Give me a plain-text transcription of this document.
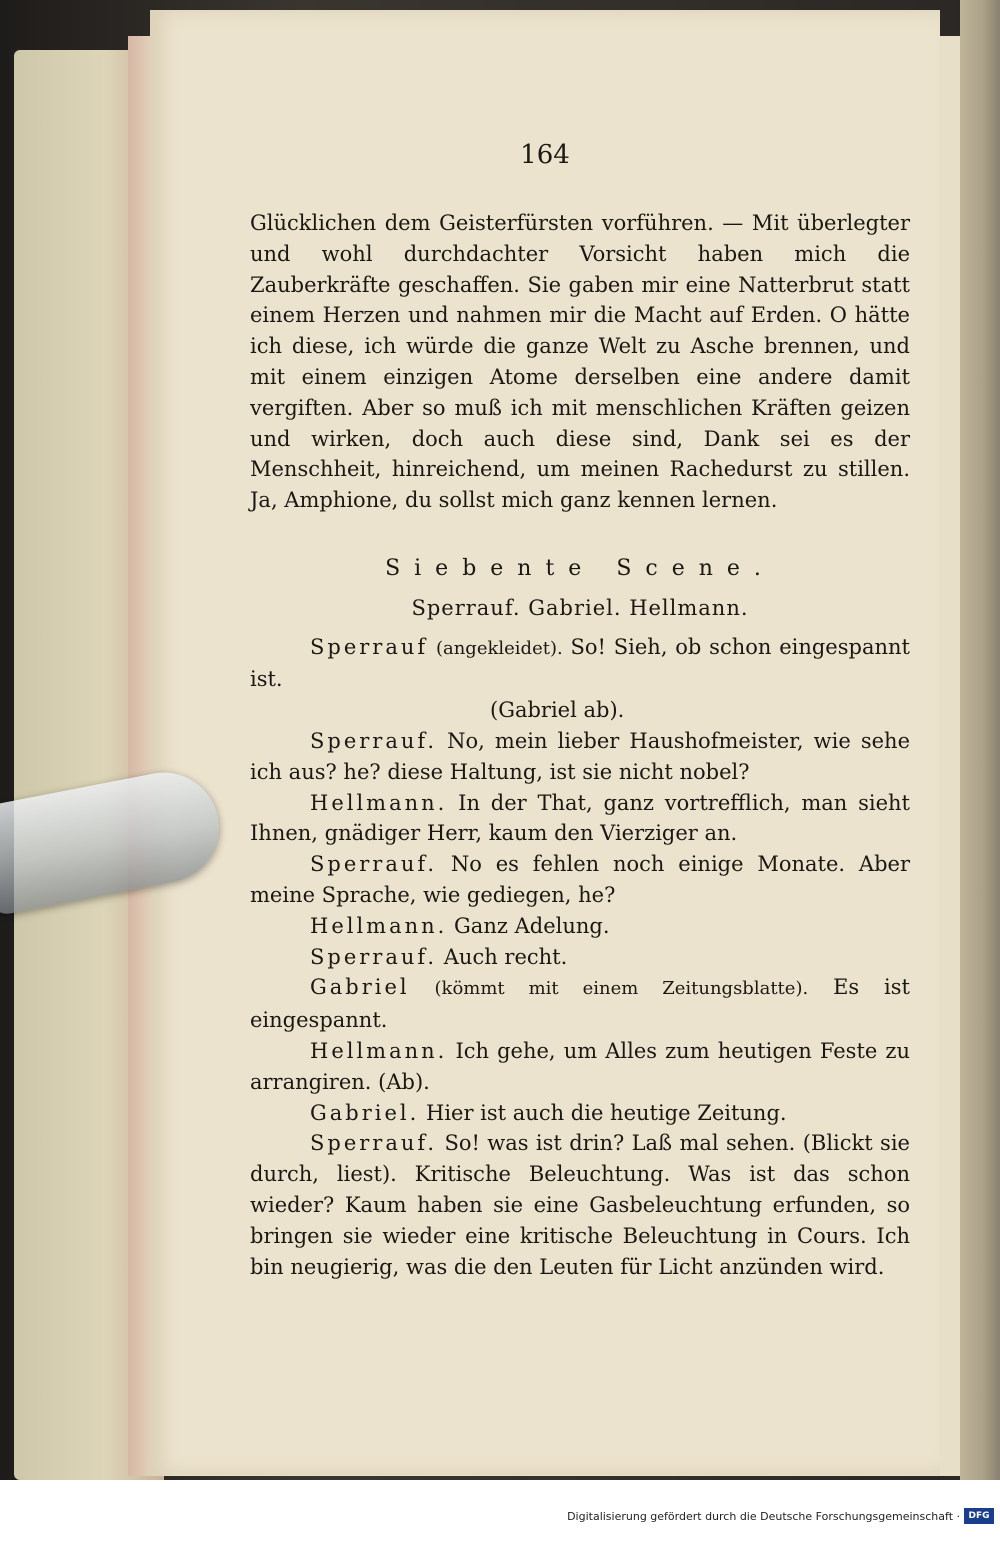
164

Glücklichen dem Geisterfürsten vorführen. — Mit überlegter und wohl durchdachter Vorsicht haben mich die Zauberkräfte geschaffen. Sie gaben mir eine Natterbrut statt einem Herzen und nahmen mir die Macht auf Erden. O hätte ich diese, ich würde die ganze Welt zu Asche brennen, und mit einem einzigen Atome derselben eine andere damit vergiften. Aber so muß ich mit menschlichen Kräften geizen und wirken, doch auch diese sind, Dank sei es der Menschheit, hinreichend, um meinen Rachedurst zu stillen. Ja, Amphione, du sollst mich ganz kennen lernen.

Siebente Scene.

Sperrauf. Gabriel. Hellmann.

Sperrauf (angekleidet). So! Sieh, ob schon eingespannt ist.

(Gabriel ab).

Sperrauf. No, mein lieber Haushofmeister, wie sehe ich aus? he? diese Haltung, ist sie nicht nobel?

Hellmann. In der That, ganz vortrefflich, man sieht Ihnen, gnädiger Herr, kaum den Vierziger an.

Sperrauf. No es fehlen noch einige Monate. Aber meine Sprache, wie gediegen, he?

Hellmann. Ganz Adelung.

Sperrauf. Auch recht.

Gabriel (kömmt mit einem Zeitungsblatte). Es ist eingespannt.

Hellmann. Ich gehe, um Alles zum heutigen Feste zu arrangiren. (Ab).

Gabriel. Hier ist auch die heutige Zeitung.

Sperrauf. So! was ist drin? Laß mal sehen. (Blickt sie durch, liest). Kritische Beleuchtung. Was ist das schon wieder? Kaum haben sie eine Gasbeleuchtung erfunden, so bringen sie wieder eine kritische Beleuchtung in Cours. Ich bin neugierig, was die den Leuten für Licht anzünden wird.

Digitalisierung gefördert durch die Deutsche Forschungsgemeinschaft · DFG
